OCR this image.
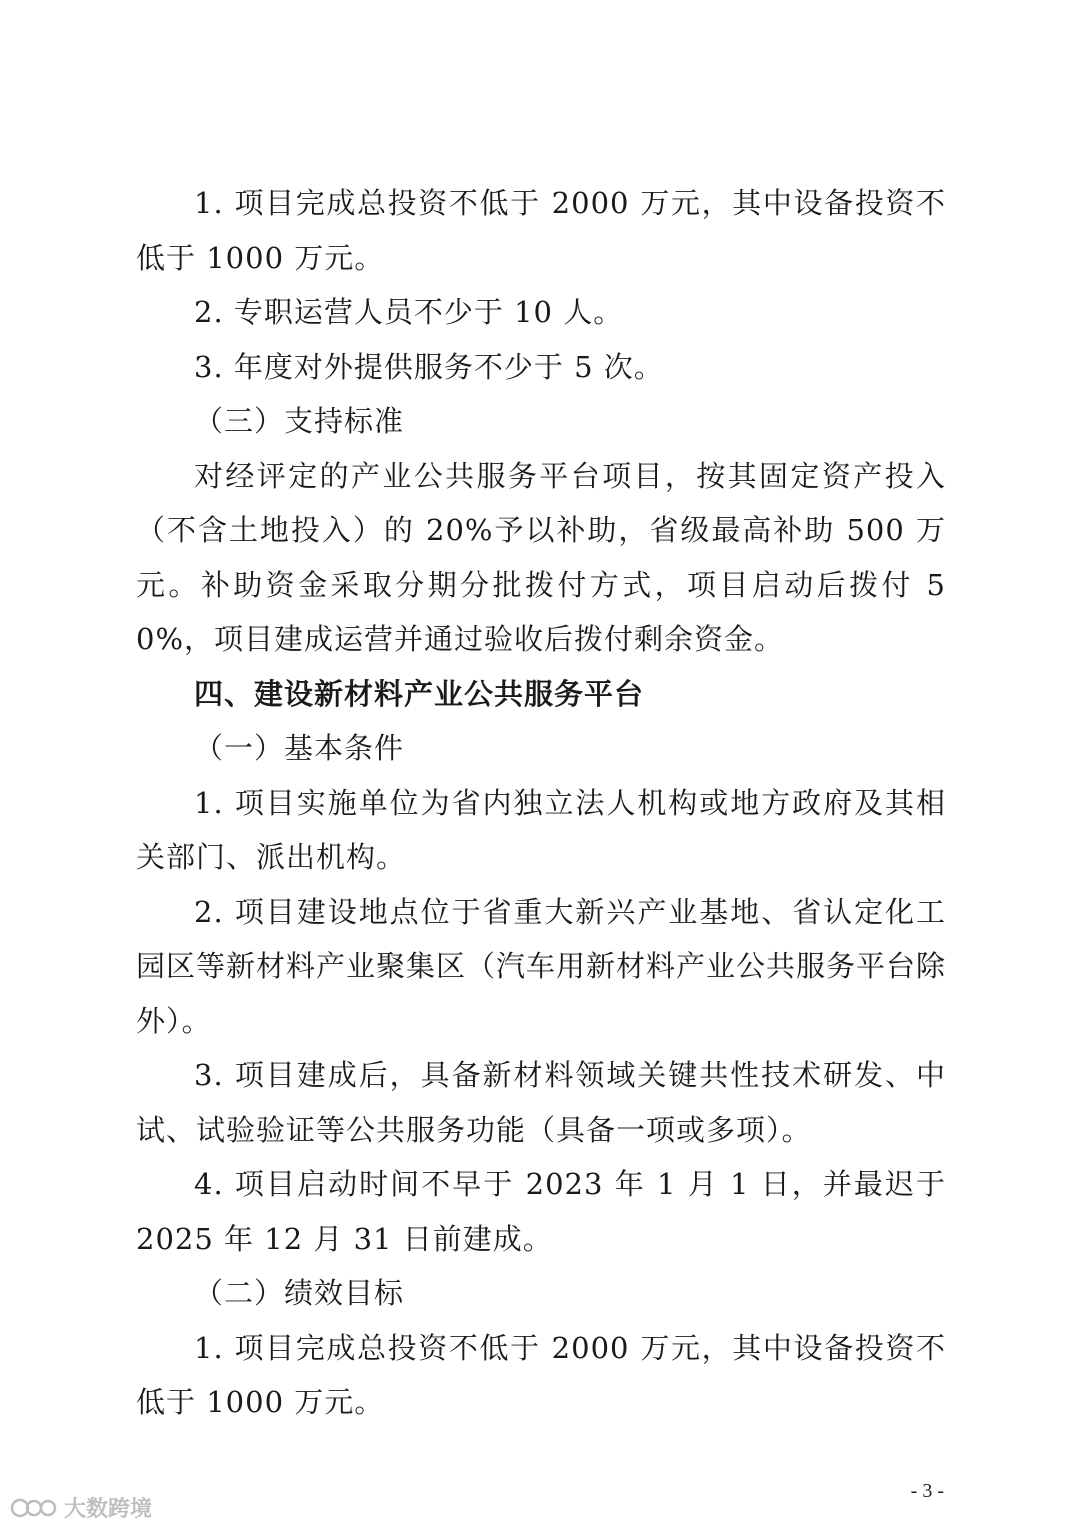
1. 项目完成总投资不低于 2000 万元，其中设备投资不低于 1000 万元。

2. 专职运营人员不少于 10 人。

3. 年度对外提供服务不少于 5 次。

（三）支持标准

对经评定的产业公共服务平台项目，按其固定资产投入（不含土地投入）的 20%予以补助，省级最高补助 500 万元。补助资金采取分期分批拨付方式，项目启动后拨付 50%，项目建成运营并通过验收后拨付剩余资金。

四、建设新材料产业公共服务平台

（一）基本条件

1. 项目实施单位为省内独立法人机构或地方政府及其相关部门、派出机构。

2. 项目建设地点位于省重大新兴产业基地、省认定化工园区等新材料产业聚集区（汽车用新材料产业公共服务平台除外）。

3. 项目建成后，具备新材料领域关键共性技术研发、中试、试验验证等公共服务功能（具备一项或多项）。

4. 项目启动时间不早于 2023 年 1 月 1 日，并最迟于 2025 年 12 月 31 日前建成。

（二）绩效目标

1. 项目完成总投资不低于 2000 万元，其中设备投资不低于 1000 万元。

- 3 -
大数跨境
